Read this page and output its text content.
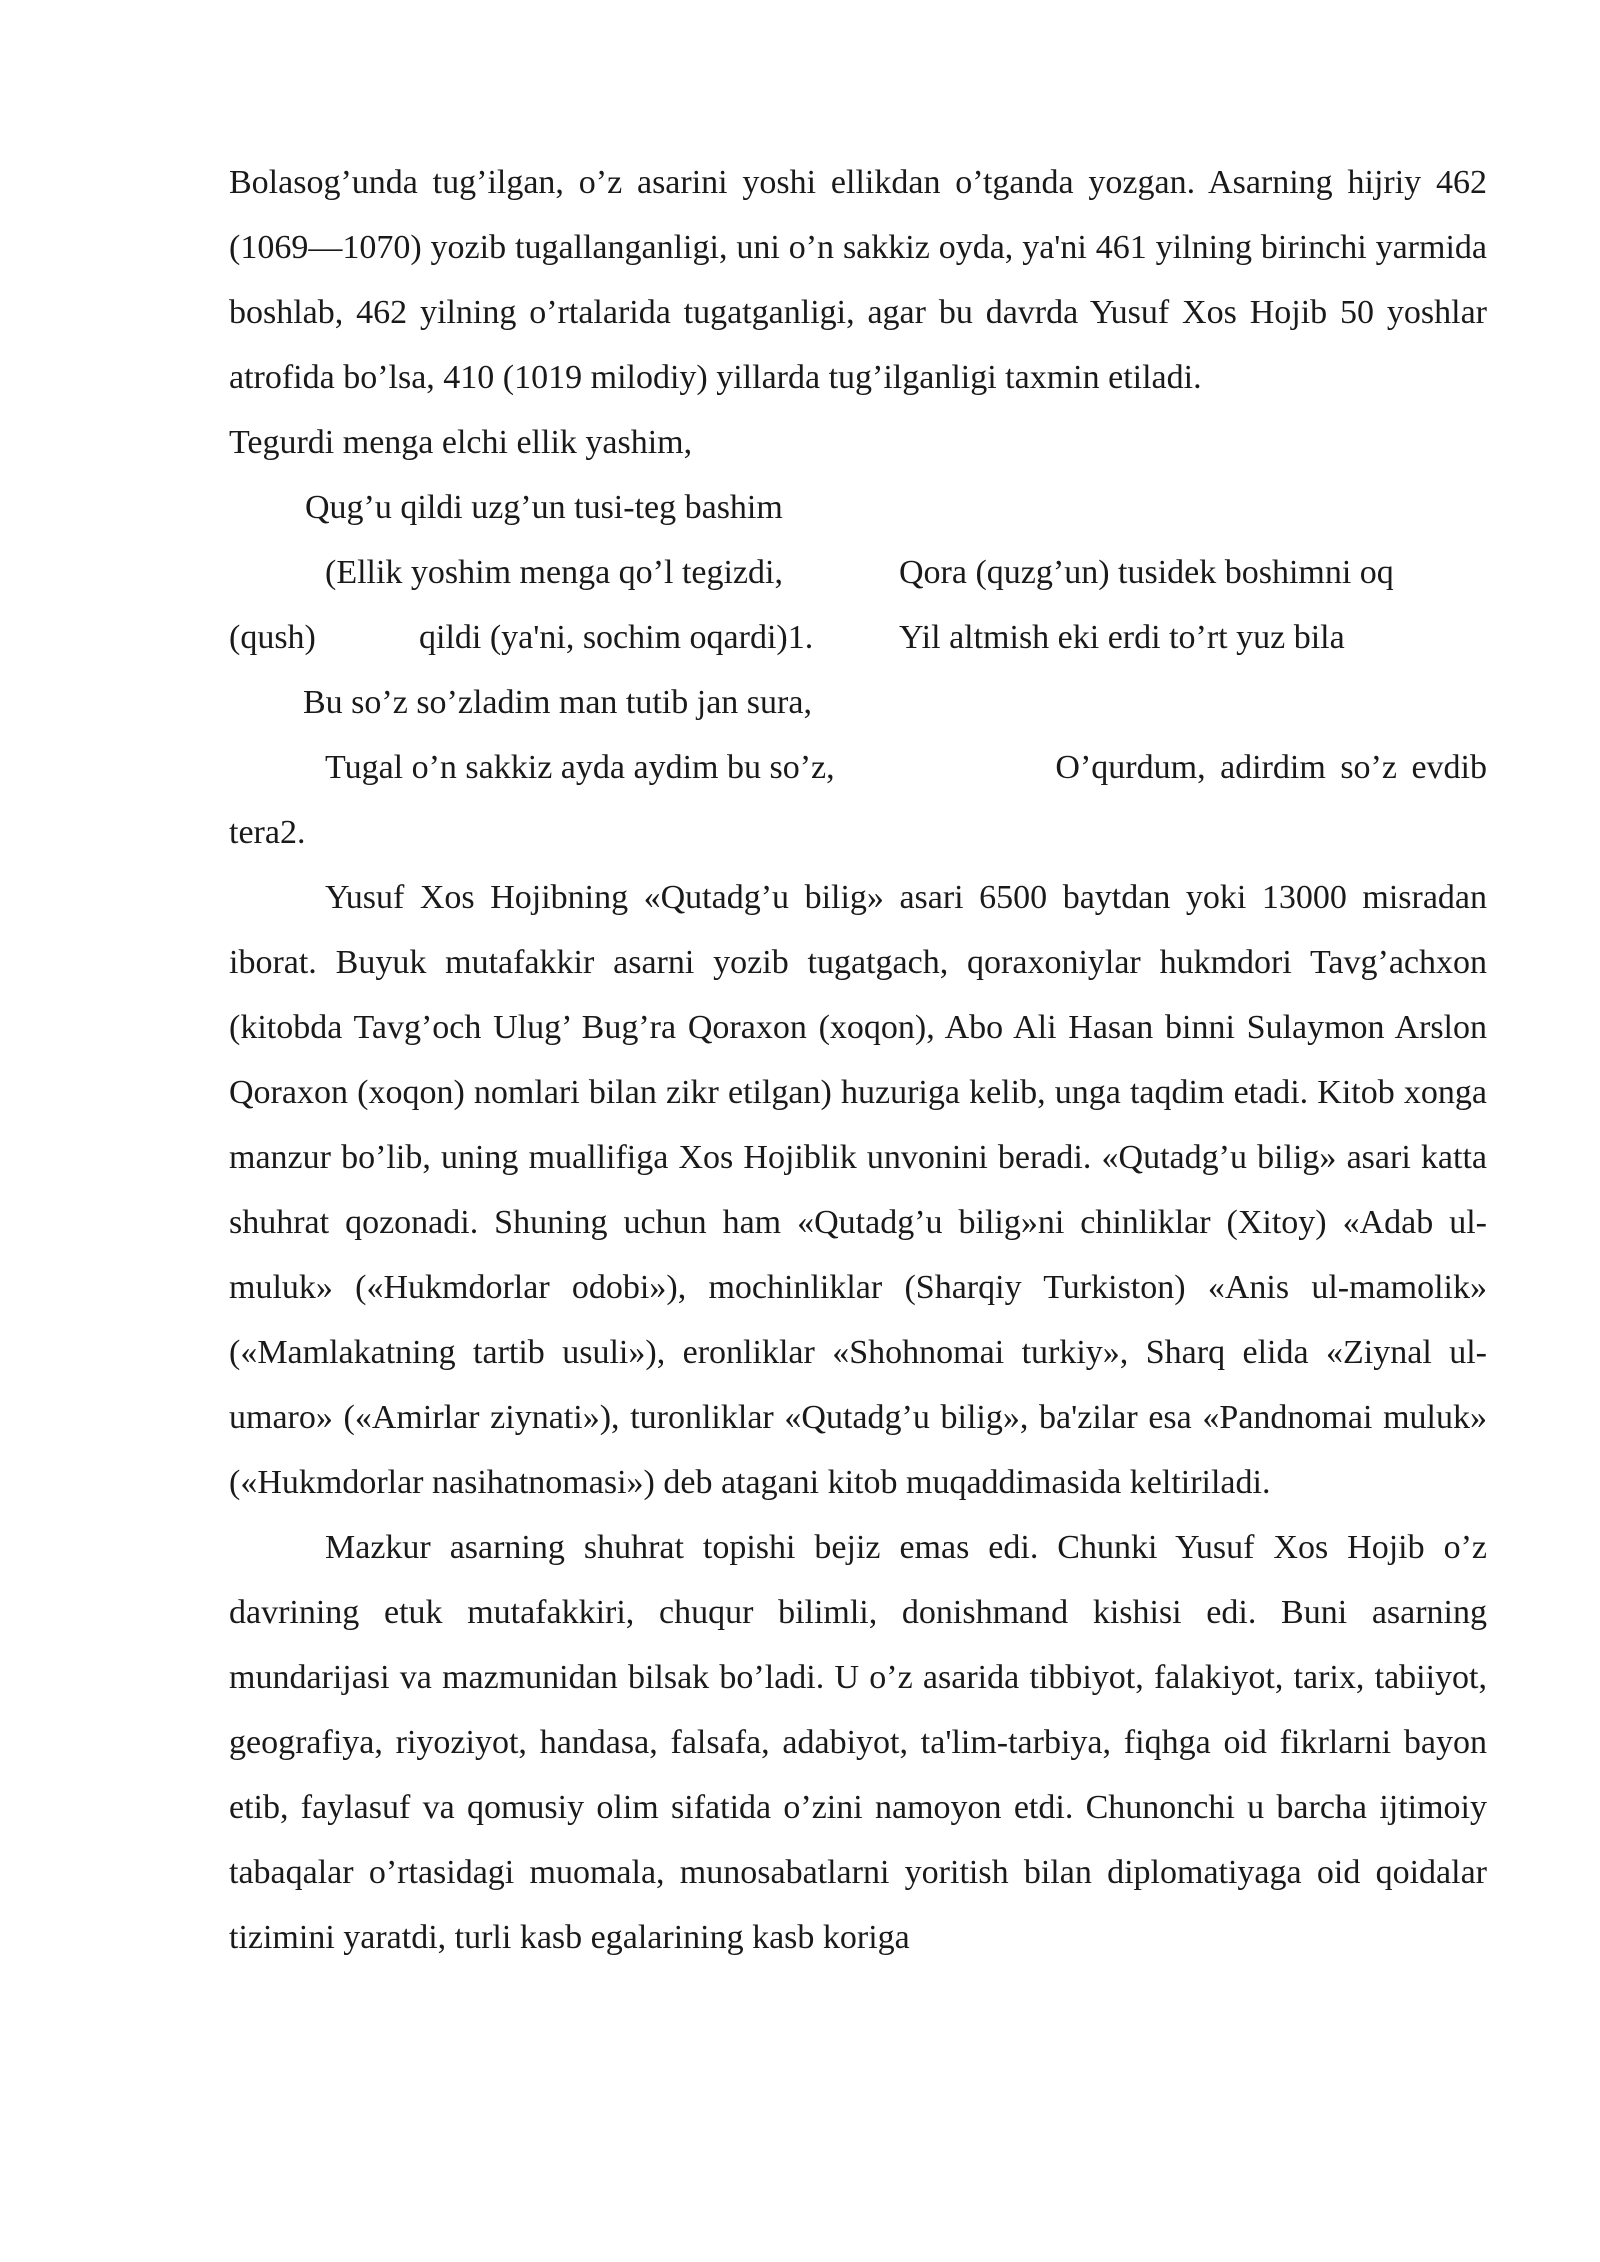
Bolasog’unda tug’ilgan, o’z asarini yoshi ellikdan o’tganda yozgan. Asarning hijriy 462 (1069—1070) yozib tugallanganligi, uni o’n sakkiz oyda, ya'ni 461 yilning birinchi yarmida boshlab, 462 yilning o’rtalarida tugatganligi, agar bu davrda Yusuf Xos Hojib 50 yoshlar atrofida bo’lsa, 410 (1019 milodiy) yillarda tug’ilganligi taxmin etiladi.

Tegurdi menga elchi ellik yashim,

Qug’u qildi uzg’un tusi-teg bashim

(Ellik yoshim menga qo’l tegizdi,	Qora (quzg’un) tusidek boshimni oq
(qush)	qildi (ya'ni, sochim oqardi)1.	Yil altmish eki erdi to’rt yuz bila

Bu so’z so’zladim man tutib jan sura,

Tugal o’n sakkiz ayda aydim bu so’z,	O’qurdum, adirdim so’z evdib

tera2.

Yusuf Xos Hojibning «Qutadg’u bilig» asari 6500 baytdan yoki 13000 misradan iborat. Buyuk mutafakkir asarni yozib tugatgach, qoraxoniylar hukmdori Tavg’achxon (kitobda Tavg’och Ulug’ Bug’ra Qoraxon (xoqon), Abo Ali Hasan binni Sulaymon Arslon Qoraxon (xoqon) nomlari bilan zikr etilgan) huzuriga kelib, unga taqdim etadi. Kitob xonga manzur bo’lib, uning muallifiga Xos Hojiblik unvonini beradi. «Qutadg’u bilig» asari katta shuhrat qozonadi. Shuning uchun ham «Qutadg’u bilig»ni chinliklar (Xitoy) «Adab ul-muluk» («Hukmdorlar odobi»), mochinliklar (Sharqiy Turkiston) «Anis ul-mamolik» («Mamlakatning tartib usuli»), eronliklar «Shohnomai turkiy», Sharq elida «Ziynal ul-umaro» («Amirlar ziynati»), turonliklar «Qutadg’u bilig», ba'zilar esa «Pandnomai muluk» («Hukmdorlar nasihatnomasi») deb atagani kitob muqaddimasida keltiriladi.

Mazkur asarning shuhrat topishi bejiz emas edi. Chunki Yusuf Xos Hojib o’z davrining etuk mutafakkiri, chuqur bilimli, donishmand kishisi edi. Buni asarning mundarijasi va mazmunidan bilsak bo’ladi. U o’z asarida tibbiyot, falakiyot, tarix, tabiiyot, geografiya, riyoziyot, handasa, falsafa, adabiyot, ta'lim-tarbiya, fiqhga oid fikrlarni bayon etib, faylasuf va qomusiy olim sifatida o’zini namoyon etdi. Chunonchi u barcha ijtimoiy tabaqalar o’rtasidagi muomala, munosabatlarni yoritish bilan diplomatiyaga oid qoidalar tizimini yaratdi, turli kasb egalarining kasb koriga
